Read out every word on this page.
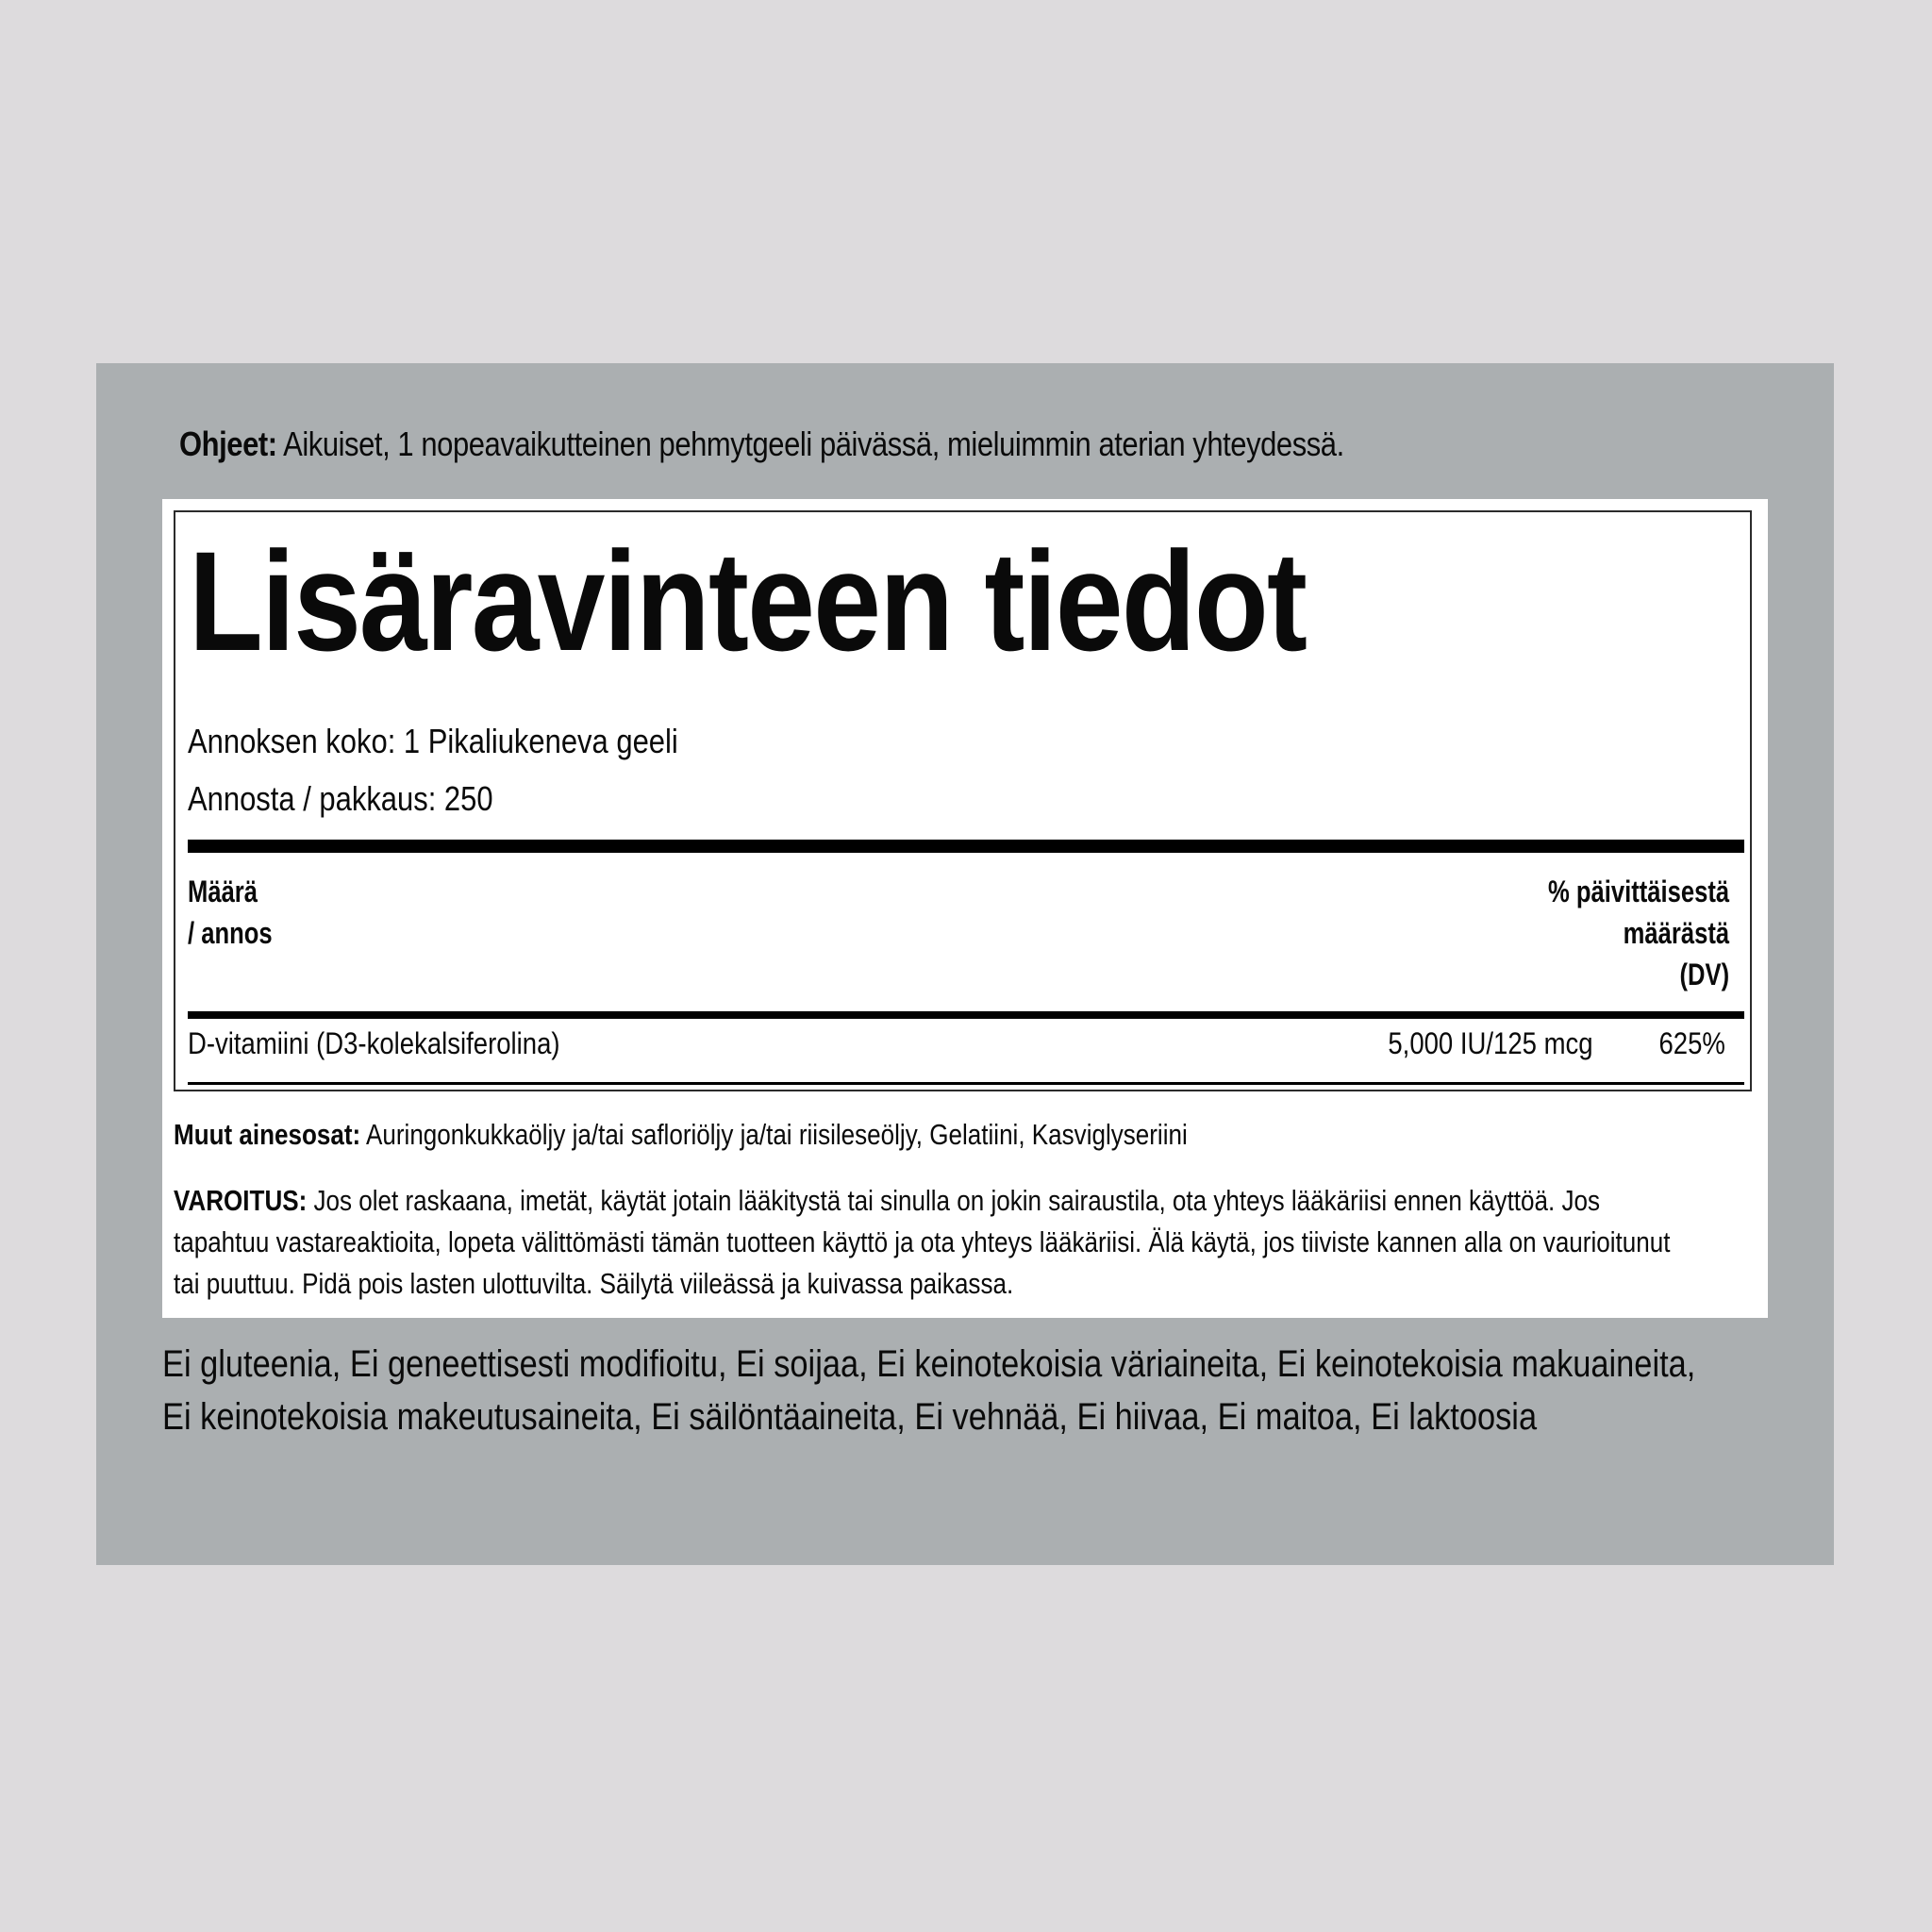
Ohjeet: Aikuiset, 1 nopeavaikutteinen pehmytgeeli päivässä, mieluimmin aterian yhteydessä.
Lisäravinteen tiedot
Annoksen koko: 1 Pikaliukeneva geeli
Annosta / pakkaus: 250
Määrä
/ annos
% päivittäisestä
määrästä
(DV)
D-vitamiini (D3-kolekalsiferolina)	5,000 IU/125 mcg 625%
Muut ainesosat: Auringonkukkaöljy ja/tai safloriöljy ja/tai riisileseöljy, Gelatiini, Kasviglyseriini
VAROITUS: Jos olet raskaana, imetät, käytät jotain lääkitystä tai sinulla on jokin sairaustila, ota yhteys lääkäriisi ennen käyttöä. Jos tapahtuu vastareaktioita, lopeta välittömästi tämän tuotteen käyttö ja ota yhteys lääkäriisi. Älä käytä, jos tiiviste kannen alla on vaurioitunut tai puuttuu. Pidä pois lasten ulottuvilta. Säilytä viileässä ja kuivassa paikassa.
Ei gluteenia, Ei geneettisesti modifioitu, Ei soijaa, Ei keinotekoisia väriaineita, Ei keinotekoisia makuaineita, Ei keinotekoisia makeutusaineita, Ei säilöntäaineita, Ei vehnää, Ei hiivaa, Ei maitoa, Ei laktoosia
